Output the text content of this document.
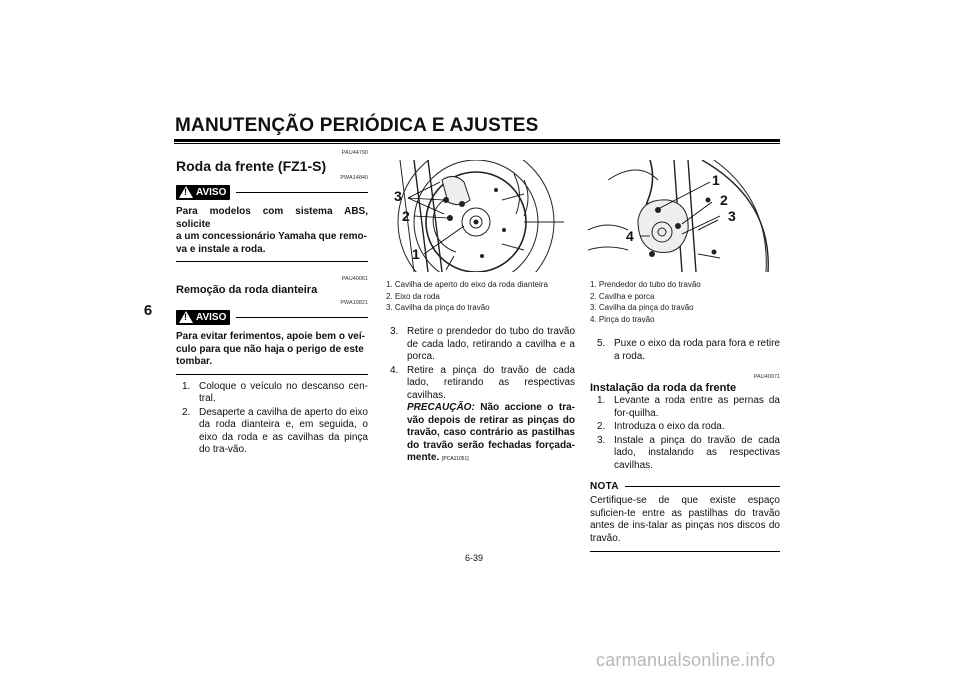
MANUTENÇÃO PERIÓDICA E AJUSTES
6
PAU44790
Roda da frente (FZ1-S)
PWA14840
! AVISO
Para modelos com sistema ABS, solicite
a um concessionário Yamaha que remo-
va e instale a roda.
PAU40061
Remoção da roda dianteira
PWA10821
! AVISO
Para evitar ferimentos, apoie bem o veí-
culo para que não haja o perigo de este
tombar.
1. Coloque o veículo no descanso cen-tral.
2. Desaperte a cavilha de aperto do eixo da roda dianteira e, em seguida, o eixo da roda e as cavilhas da pinça do tra-vão.
3
2
1
1. Cavilha de aperto do eixo da roda dianteira
2. Eixo da roda
3. Cavilha da pinça do travão
3. Retire o prendedor do tubo do travão de cada lado, retirando a cavilha e a porca.
4. Retire a pinça do travão de cada lado, retirando as respectivas cavilhas.
PRECAUÇÃO: Não accione o tra-vão depois de retirar as pinças do travão, caso contrário as pastilhas do travão serão fechadas forçada-mente. [PCA11051]
1
2
3
4
1. Prendedor do tubo do travão
2. Cavilha e porca
3. Cavilha da pinça do travão
4. Pinça do travão
5. Puxe o eixo da roda para fora e retire a roda.
PAU40071
Instalação da roda da frente
1. Levante a roda entre as pernas da for-quilha.
2. Introduza o eixo da roda.
3. Instale a pinça do travão de cada lado, instalando as respectivas cavilhas.
NOTA
Certifique-se de que existe espaço suficien-te entre as pastilhas do travão antes de ins-talar as pinças nos discos do travão.
6-39
carmanualsonline.info
